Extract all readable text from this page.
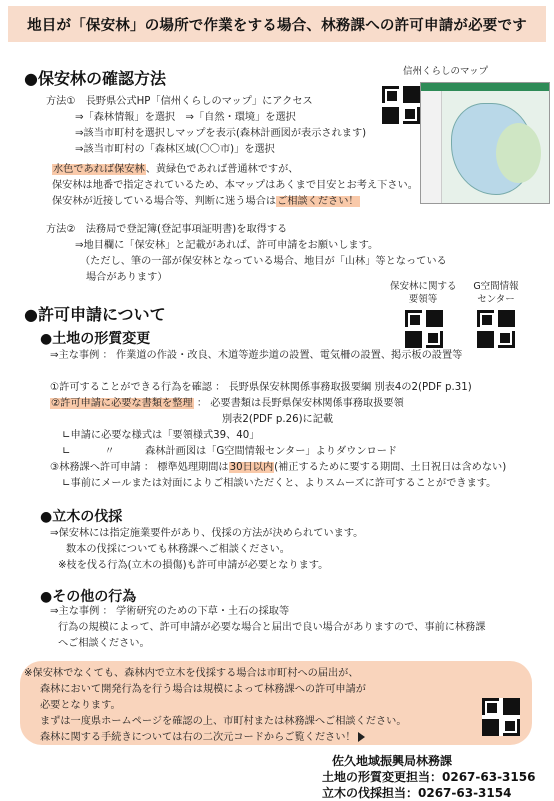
地目が「保安林」の場所で作業をする場合、林務課への許可申請が必要です
●保安林の確認方法	信州くらしのマップ
方法①　長野県公式HP「信州くらしのマップ」にアクセス
⇒「森林情報」を選択　⇒「自然・環境」を選択
⇒該当市町村を選択しマップを表示(森林計画図が表示されます)
⇒該当市町村の「森林区域(〇〇市)」を選択
水色であれば保安林、黄緑色であれば普通林ですが、
保安林は地番で指定されているため、本マップはあくまで目安とお考え下さい。
保安林が近接している場合等、判断に迷う場合はご相談ください！
方法②　法務局で登記簿(登記事項証明書)を取得する
⇒地目欄に「保安林」と記載があれば、許可申請をお願いします。
（ただし、筆の一部が保安林となっている場合、地目が「山林」等となっている
場合があります）
保安林に関する
要領等
G空間情報
センター
●許可申請について
●土地の形質変更
⇒主な事例 ： 作業道の作設・改良、木道等遊歩道の設置、電気柵の設置、掲示板の設置等
①許可することができる行為を確認 ： 長野県保安林関係事務取扱要綱 別表4の2(PDF p.31)
②許可申請に必要な書類を整理 ： 必要書類は長野県保安林関係事務取扱要領
別表2(PDF p.26)に記載
∟申請に必要な様式は「要領様式39、40」
∟　　　 〃　　　森林計画図は「G空間情報センター」よりダウンロード
③林務課へ許可申請 ： 標準処理期間は30日以内(補正するために要する期間、土日祝日は含めない)
∟事前にメールまたは対面によりご相談いただくと、よりスムーズに許可することができます。
●立木の伐採
⇒保安林には指定施業要件があり、伐採の方法が決められています。
数本の伐採についても林務課へご相談ください。
※枝を伐る行為(立木の損傷)も許可申請が必要となります。
●その他の行為
⇒主な事例 ： 学術研究のための下草・土石の採取等
行為の規模によって、許可申請が必要な場合と届出で良い場合がありますので、事前に林務課
へご相談ください。
※保安林でなくても、森林内で立木を伐採する場合は市町村への届出が、
森林において開発行為を行う場合は規模によって林務課への許可申請が
必要となります。
まずは一度県ホームページを確認の上、市町村または林務課へご相談ください。
森林に関する手続きについては右の二次元コードからご覧ください！
佐久地域振興局林務課
土地の形質変更担当：0267-63-3156
立木の伐採担当：0267-63-3154
